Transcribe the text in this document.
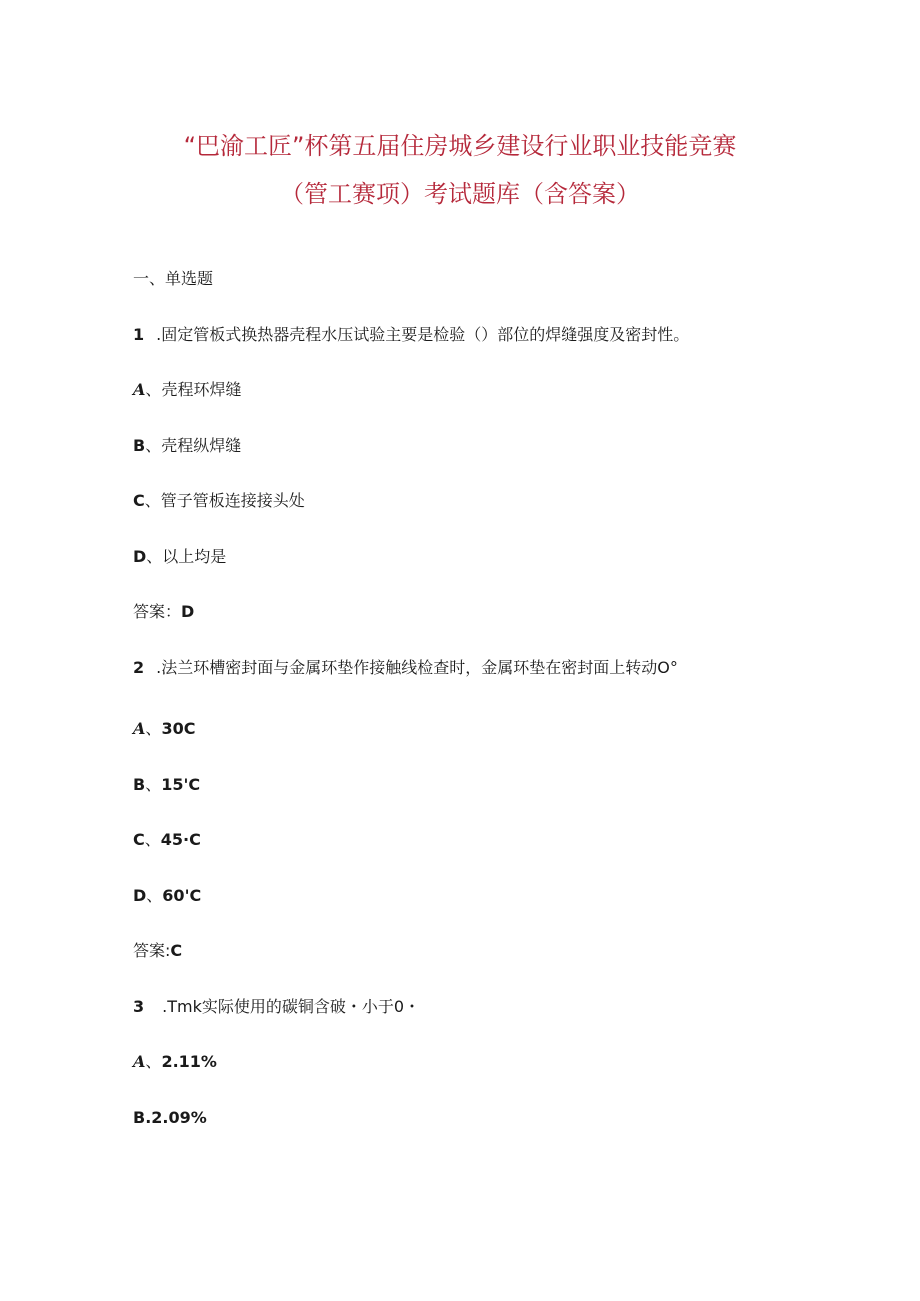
“巴渝工匠”杯第五届住房城乡建设行业职业技能竞赛
（管工赛项）考试题库（含答案）
一、单选题
1 .固定管板式换热器壳程水压试验主要是检验（）部位的焊缝强度及密封性。
A、壳程环焊缝
B、壳程纵焊缝
C、管子管板连接接头处
D、以上均是
答案：D
2 .法兰环槽密封面与金属环垫作接触线检查时，金属环垫在密封面上转动O°
A、30C
B、15'C
C、45∙C
D、60'C
答案:C
3 .Tmk实际使用的碳铜含破・小于0・
A、2.11%
B.2.09%
